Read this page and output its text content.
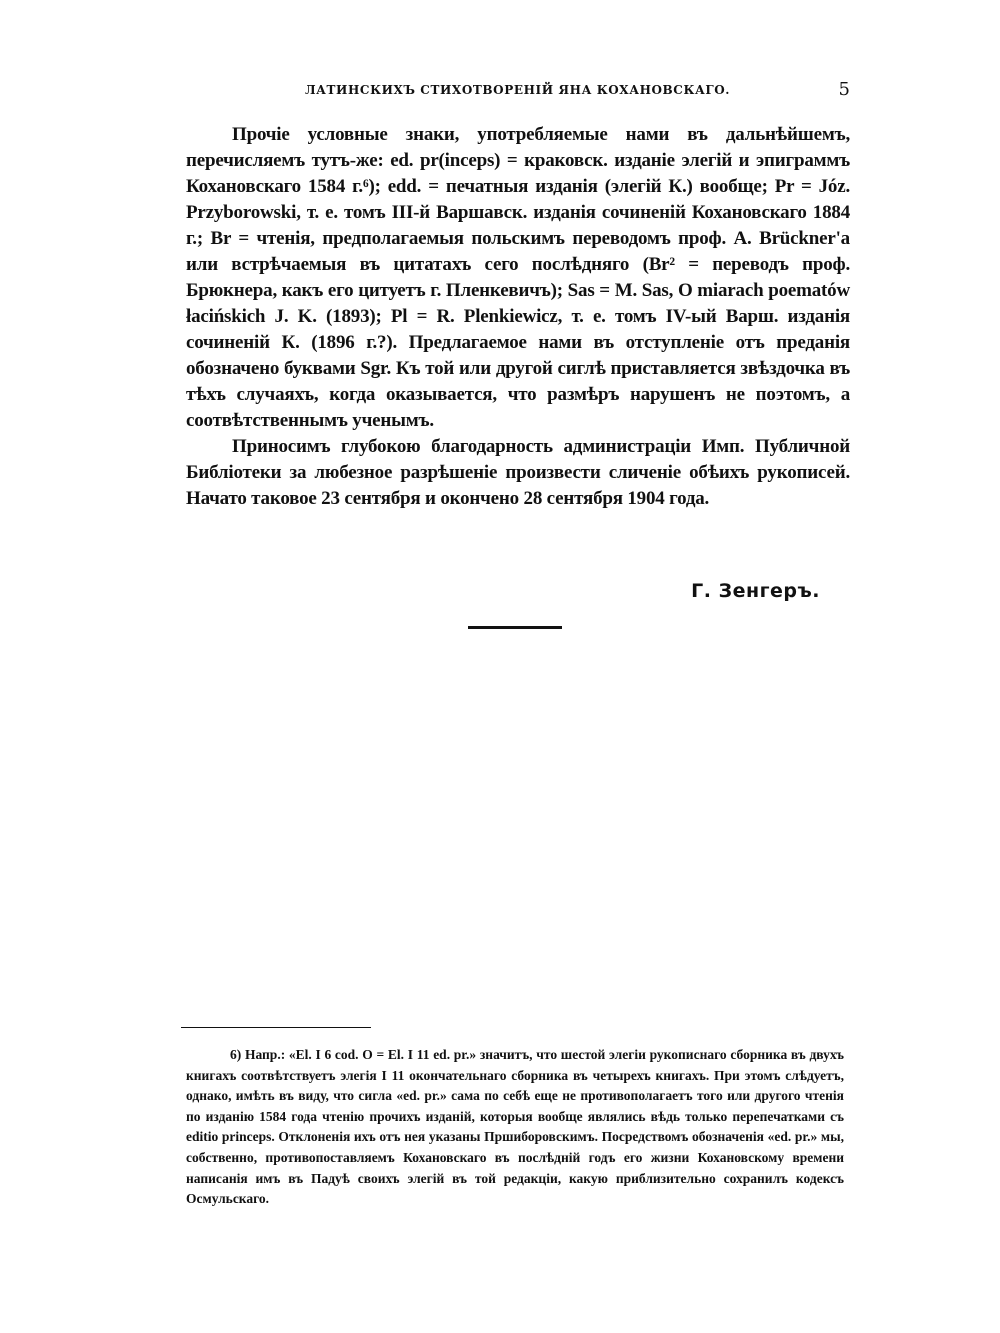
ЛАТИНСКИХЪ СТИХОТВОРЕНІЙ ЯНА КОХАНОВСКАГО.	5

Прочіе условные знаки, употребляемые нами въ дальнѣйшемъ, перечисляемъ тутъ-же: ed. pr(inceps) = краковск. изданіе элегій и эпиграммъ Кохановскаго 1584 г.⁶); edd. = печатныя изданія (элегій К.) вообще; Pr = Józ. Przyborowski, т. е. томъ III-й Варшавск. изданія сочиненій Кохановскаго 1884 г.; Br = чтенія, предполагаемыя польскимъ переводомъ проф. A. Brückner'а или встрѣчаемыя въ цитатахъ сего послѣдняго (Br² = переводъ проф. Брюкнера, какъ его цитуетъ г. Пленкевичъ); Sas = M. Sas, O miarach poematów łacińskich J. K. (1893); Pl = R. Plenkiewicz, т. е. томъ IV-ый Варш. изданія сочиненій К. (1896 г.?). Предлагаемое нами въ отступленіе отъ преданія обозначено буквами Sgr. Къ той или другой сиглѣ приставляется звѣздочка въ тѣхъ случаяхъ, когда оказывается, что размѣръ нарушенъ не поэтомъ, а соотвѣтственнымъ ученымъ.

Приносимъ глубокою благодарность администраціи Имп. Публичной Библіотеки за любезное разрѣшеніе произвести сличеніе обѣихъ рукописей. Начато таковое 23 сентября и окончено 28 сентября 1904 года.

Г. Зенгеръ.

6) Напр.: «El. I 6 cod. O = El. I 11 ed. pr.» значитъ, что шестой элегіи рукописнаго сборника въ двухъ книгахъ соотвѣтствуетъ элегія I 11 окончательнаго сборника въ четырехъ книгахъ. При этомъ слѣдуетъ, однако, имѣть въ виду, что сигла «ed. pr.» сама по себѣ еще не противополагаетъ того или другого чтенія по изданію 1584 года чтенію прочихъ изданій, которыя вообще являлись вѣдь только перепечатками съ editio princeps. Отклоненія ихъ отъ нея указаны Пршиборовскимъ. Посредствомъ обозначенія «ed. pr.» мы, собственно, противопоставляемъ Кохановскаго въ послѣдній годъ его жизни Кохановскому времени написанія имъ въ Падуѣ своихъ элегій въ той редакціи, какую приблизительно сохранилъ кодексъ Осмульскаго.
